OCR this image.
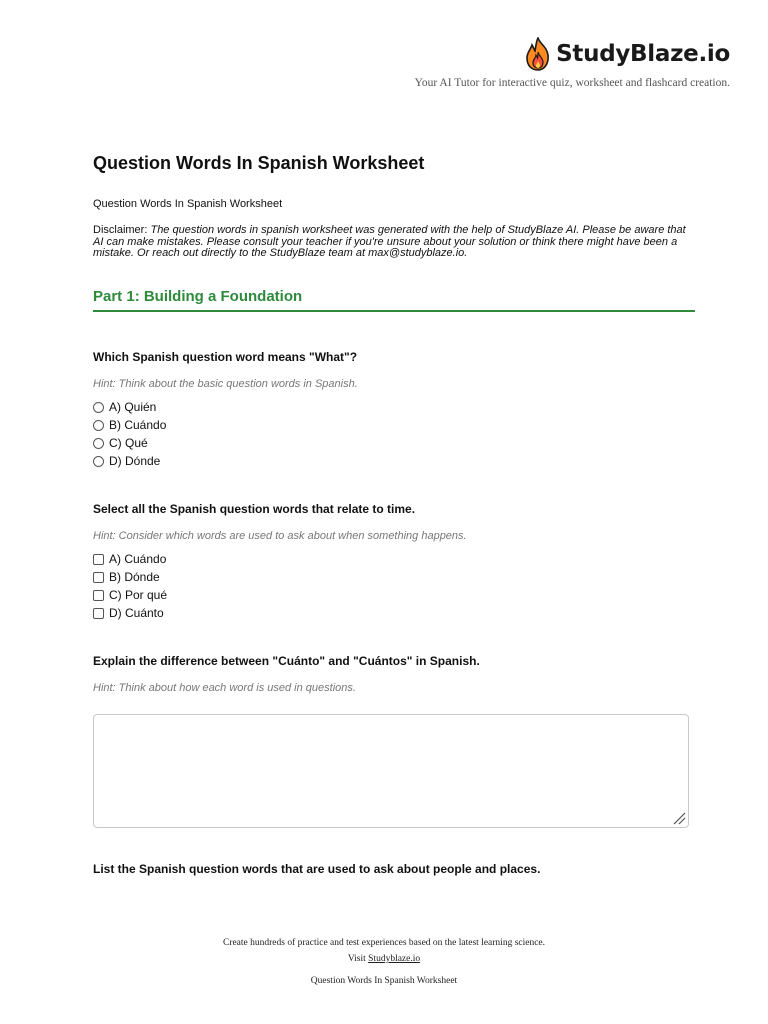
StudyBlaze.io
Your AI Tutor for interactive quiz, worksheet and flashcard creation.
Question Words In Spanish Worksheet
Question Words In Spanish Worksheet
Disclaimer: The question words in spanish worksheet was generated with the help of StudyBlaze AI. Please be aware that AI can make mistakes. Please consult your teacher if you're unsure about your solution or think there might have been a mistake. Or reach out directly to the StudyBlaze team at max@studyblaze.io.
Part 1: Building a Foundation
Which Spanish question word means "What"?
Hint: Think about the basic question words in Spanish.
A) Quién
B) Cuándo
C) Qué
D) Dónde
Select all the Spanish question words that relate to time.
Hint: Consider which words are used to ask about when something happens.
A) Cuándo
B) Dónde
C) Por qué
D) Cuánto
Explain the difference between "Cuánto" and "Cuántos" in Spanish.
Hint: Think about how each word is used in questions.
List the Spanish question words that are used to ask about people and places.
Create hundreds of practice and test experiences based on the latest learning science.
Visit Studyblaze.io
Question Words In Spanish Worksheet
